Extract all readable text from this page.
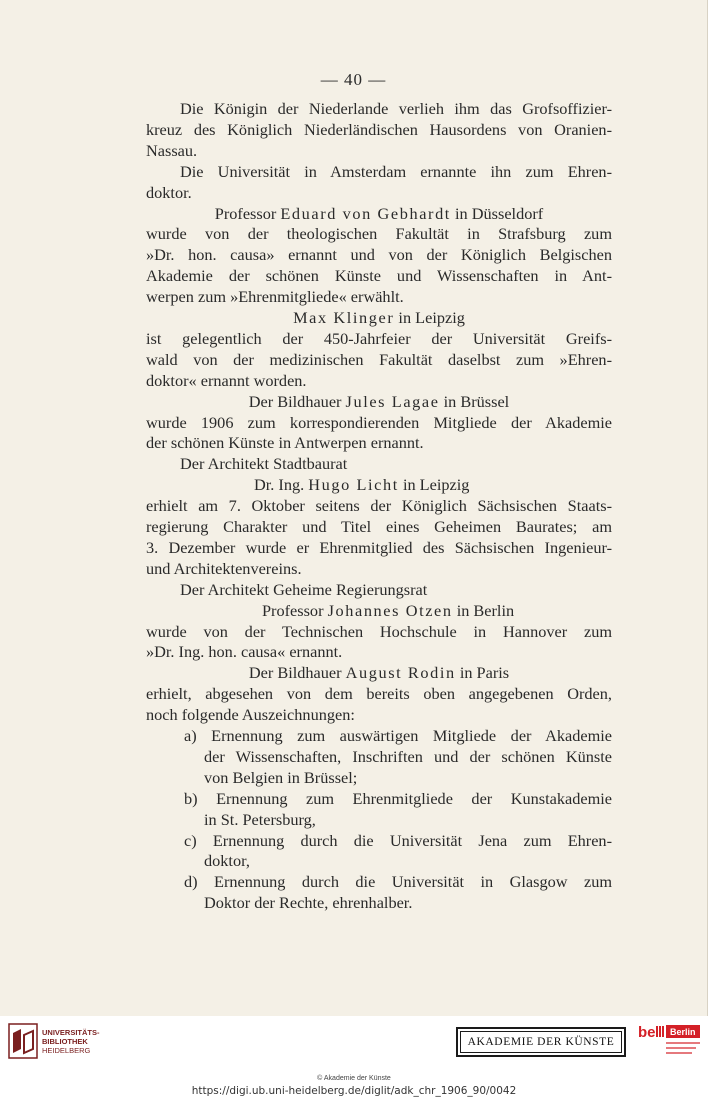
— 40 —
Die Königin der Niederlande verlieh ihm das Grofsoffizier-
kreuz des Königlich Niederländischen Hausordens von Oranien-
Nassau.
Die Universität in Amsterdam ernannte ihn zum Ehren-
doktor.
Professor Eduard von Gebhardt in Düsseldorf
wurde von der theologischen Fakultät in Strafsburg zum
»Dr. hon. causa» ernannt und von der Königlich Belgischen
Akademie der schönen Künste und Wissenschaften in Ant-
werpen zum »Ehrenmitgliede« erwählt.
Max Klinger in Leipzig
ist gelegentlich der 450-Jahrfeier der Universität Greifs-
wald von der medizinischen Fakultät daselbst zum »Ehren-
doktor« ernannt worden.
Der Bildhauer Jules Lagae in Brüssel
wurde 1906 zum korrespondierenden Mitgliede der Akademie
der schönen Künste in Antwerpen ernannt.
Der Architekt Stadtbaurat
Dr. Ing. Hugo Licht in Leipzig
erhielt am 7. Oktober seitens der Königlich Sächsischen Staats-
regierung Charakter und Titel eines Geheimen Baurates; am
3. Dezember wurde er Ehrenmitglied des Sächsischen Ingenieur-
und Architektenvereins.
Der Architekt Geheime Regierungsrat
Professor Johannes Otzen in Berlin
wurde von der Technischen Hochschule in Hannover zum
»Dr. Ing. hon. causa« ernannt.
Der Bildhauer August Rodin in Paris
erhielt, abgesehen von dem bereits oben angegebenen Orden,
noch folgende Auszeichnungen:
a) Ernennung zum auswärtigen Mitgliede der Akademie
der Wissenschaften, Inschriften und der schönen Künste
von Belgien in Brüssel;
b) Ernennung zum Ehrenmitgliede der Kunstakademie
in St. Petersburg,
c) Ernennung durch die Universität Jena zum Ehren-
doktor,
d) Ernennung durch die Universität in Glasgow zum
Doktor der Rechte, ehrenhalber.
UNIVERSITÄTS-
BIBLIOTHEK
HEIDELBERG
AKADEMIE DER KÜNSTE
be Berlin
© Akademie der Künste
https://digi.ub.uni-heidelberg.de/diglit/adk_chr_1906_90/0042
